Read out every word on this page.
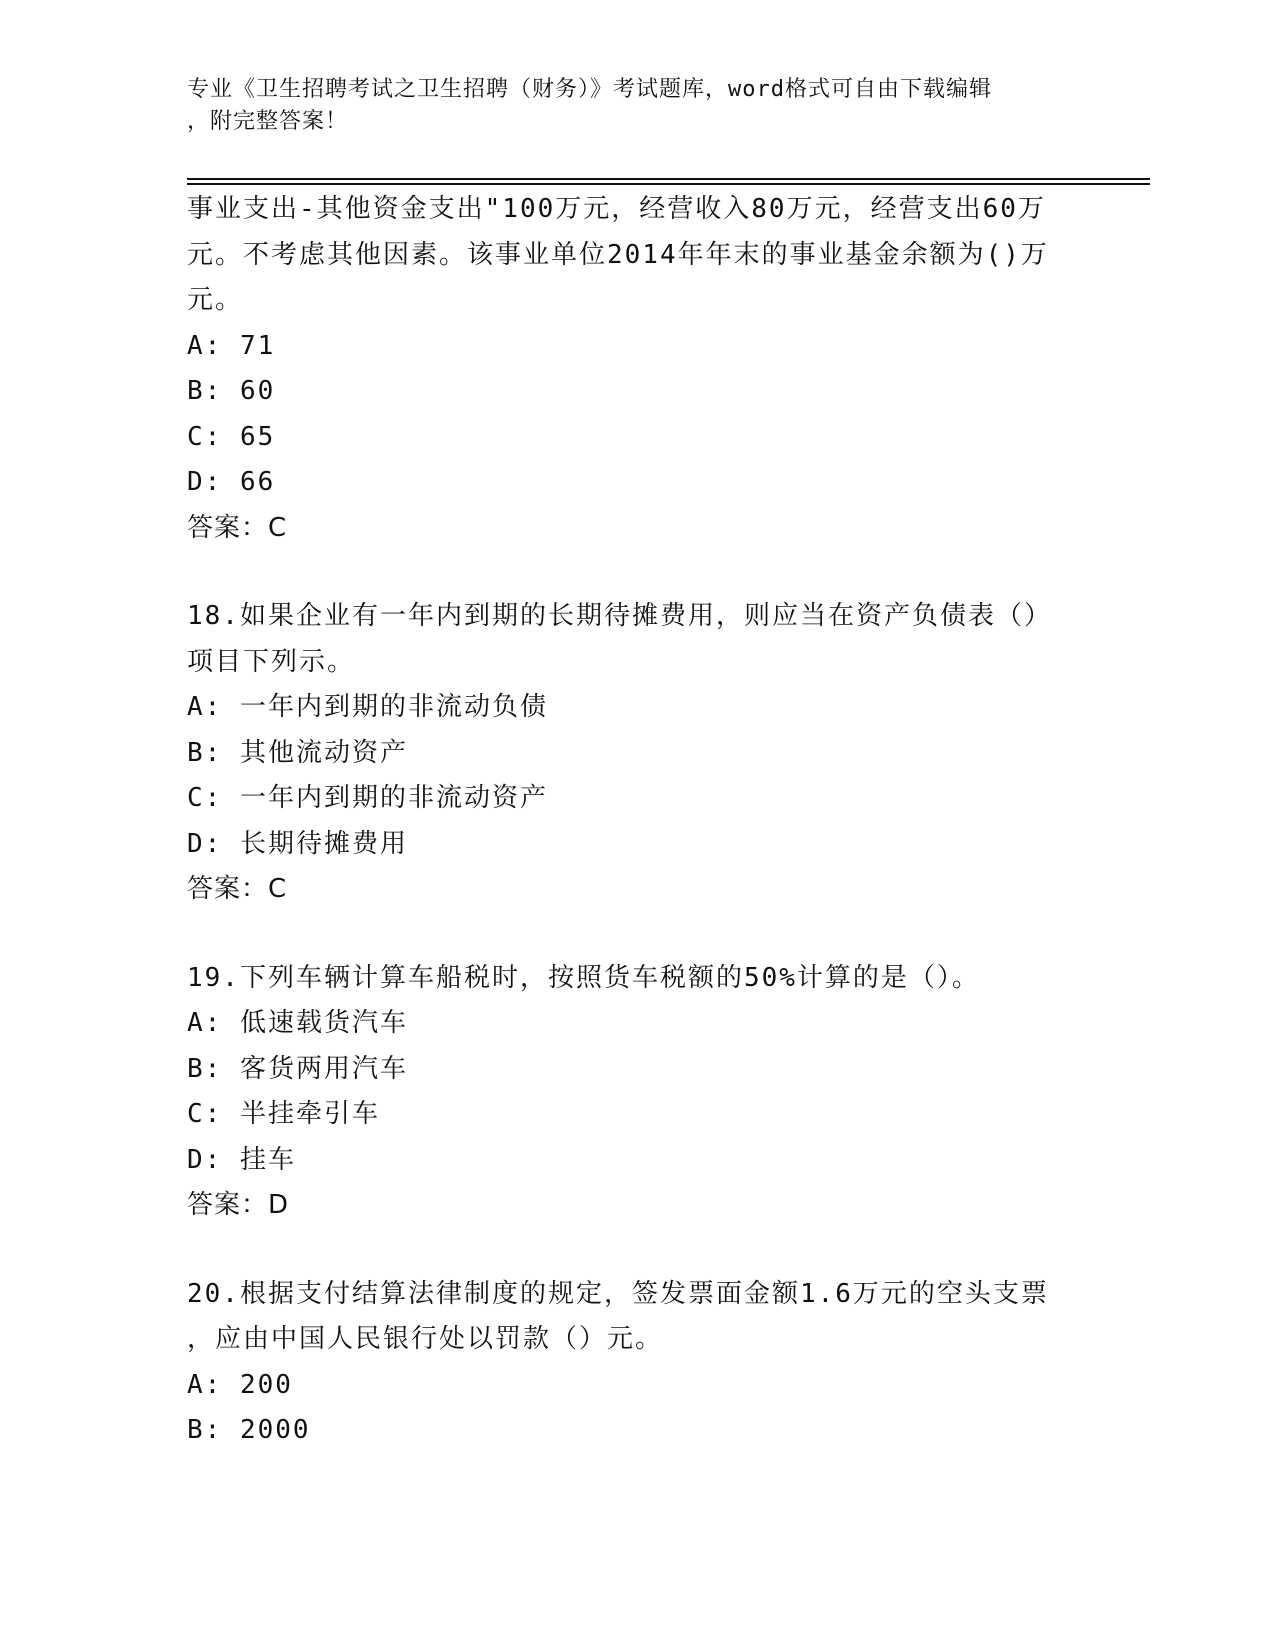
专业《卫生招聘考试之卫生招聘（财务）》考试题库，word格式可自由下载编辑
，附完整答案！
事业支出-其他资金支出"100万元，经营收入80万元，经营支出60万
元。不考虑其他因素。该事业单位2014年年末的事业基金余额为()万
元。
A: 71
B: 60
C: 65
D: 66
答案：C
18.如果企业有一年内到期的长期待摊费用，则应当在资产负债表（）
项目下列示。
A: 一年内到期的非流动负债
B: 其他流动资产
C: 一年内到期的非流动资产
D: 长期待摊费用
答案：C
19.下列车辆计算车船税时，按照货车税额的50%计算的是（）。
A: 低速载货汽车
B: 客货两用汽车
C: 半挂牵引车
D: 挂车
答案：D
20.根据支付结算法律制度的规定，签发票面金额1.6万元的空头支票
，应由中国人民银行处以罚款（）元。
A: 200
B: 2000
